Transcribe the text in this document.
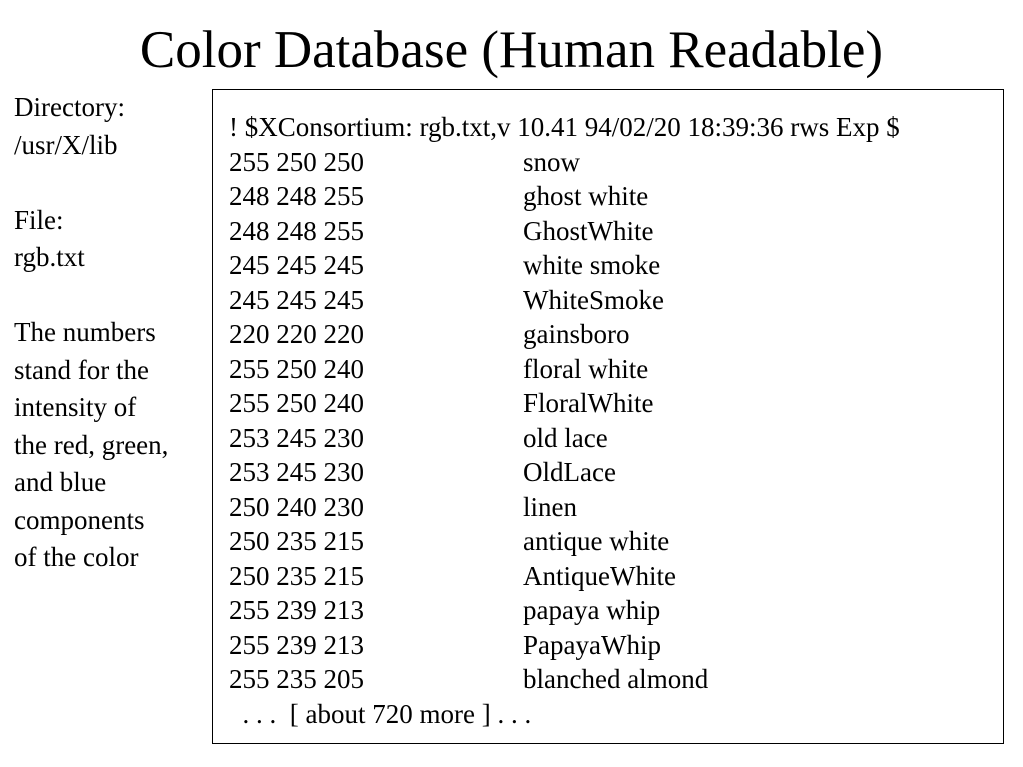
Color Database (Human Readable)
Directory:
/usr/X/lib
File:
rgb.txt
The numbers
stand for the
intensity of
the red, green,
and blue
components
of the color
! $XConsortium: rgb.txt,v 10.41 94/02/20 18:39:36 rws Exp $
255 250 250	snow
248 248 255	ghost white
248 248 255	GhostWhite
245 245 245	white smoke
245 245 245	WhiteSmoke
220 220 220	gainsboro
255 250 240	floral white
255 250 240	FloralWhite
253 245 230	old lace
253 245 230	OldLace
250 240 230	linen
250 235 215	antique white
250 235 215	AntiqueWhite
255 239 213	papaya whip
255 239 213	PapayaWhip
255 235 205	blanched almond
. . .  [ about 720 more ] . . .
